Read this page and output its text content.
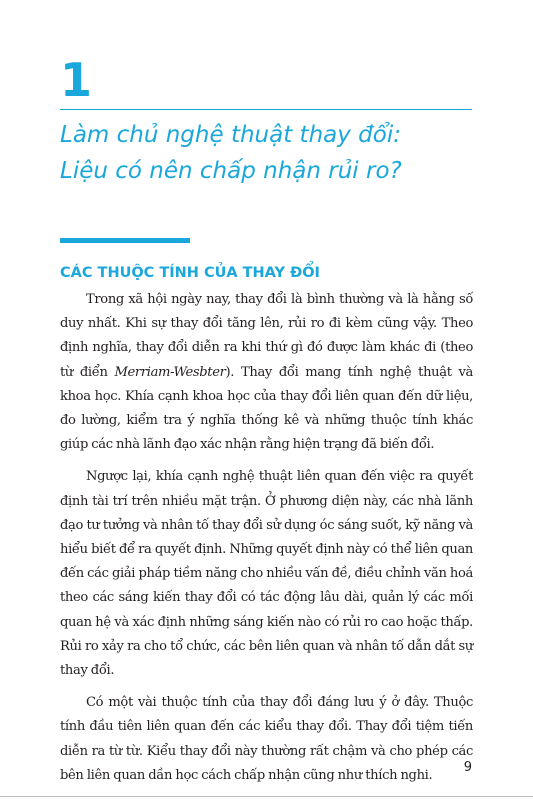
1
Làm chủ nghệ thuật thay đổi:
Liệu có nên chấp nhận rủi ro?
CÁC THUỘC TÍNH CỦA THAY ĐỔI

Trong xã hội ngày nay, thay đổi là bình thường và là hằng số duy nhất. Khi sự thay đổi tăng lên, rủi ro đi kèm cũng vậy. Theo định nghĩa, thay đổi diễn ra khi thứ gì đó được làm khác đi (theo từ điển Merriam-Wesbter). Thay đổi mang tính nghệ thuật và khoa học. Khía cạnh khoa học của thay đổi liên quan đến dữ liệu, đo lường, kiểm tra ý nghĩa thống kê và những thuộc tính khác giúp các nhà lãnh đạo xác nhận rằng hiện trạng đã biến đổi.

Ngược lại, khía cạnh nghệ thuật liên quan đến việc ra quyết định tài trí trên nhiều mặt trận. Ở phương diện này, các nhà lãnh đạo tư tưởng và nhân tố thay đổi sử dụng óc sáng suốt, kỹ năng và hiểu biết để ra quyết định. Những quyết định này có thể liên quan đến các giải pháp tiềm năng cho nhiều vấn đề, điều chỉnh văn hoá theo các sáng kiến thay đổi có tác động lâu dài, quản lý các mối quan hệ và xác định những sáng kiến nào có rủi ro cao hoặc thấp. Rủi ro xảy ra cho tổ chức, các bên liên quan và nhân tố dẫn dắt sự thay đổi.

Có một vài thuộc tính của thay đổi đáng lưu ý ở đây. Thuộc tính đầu tiên liên quan đến các kiểu thay đổi. Thay đổi tiệm tiến diễn ra từ từ. Kiểu thay đổi này thường rất chậm và cho phép các bên liên quan dần học cách chấp nhận cũng như thích nghi.

9
